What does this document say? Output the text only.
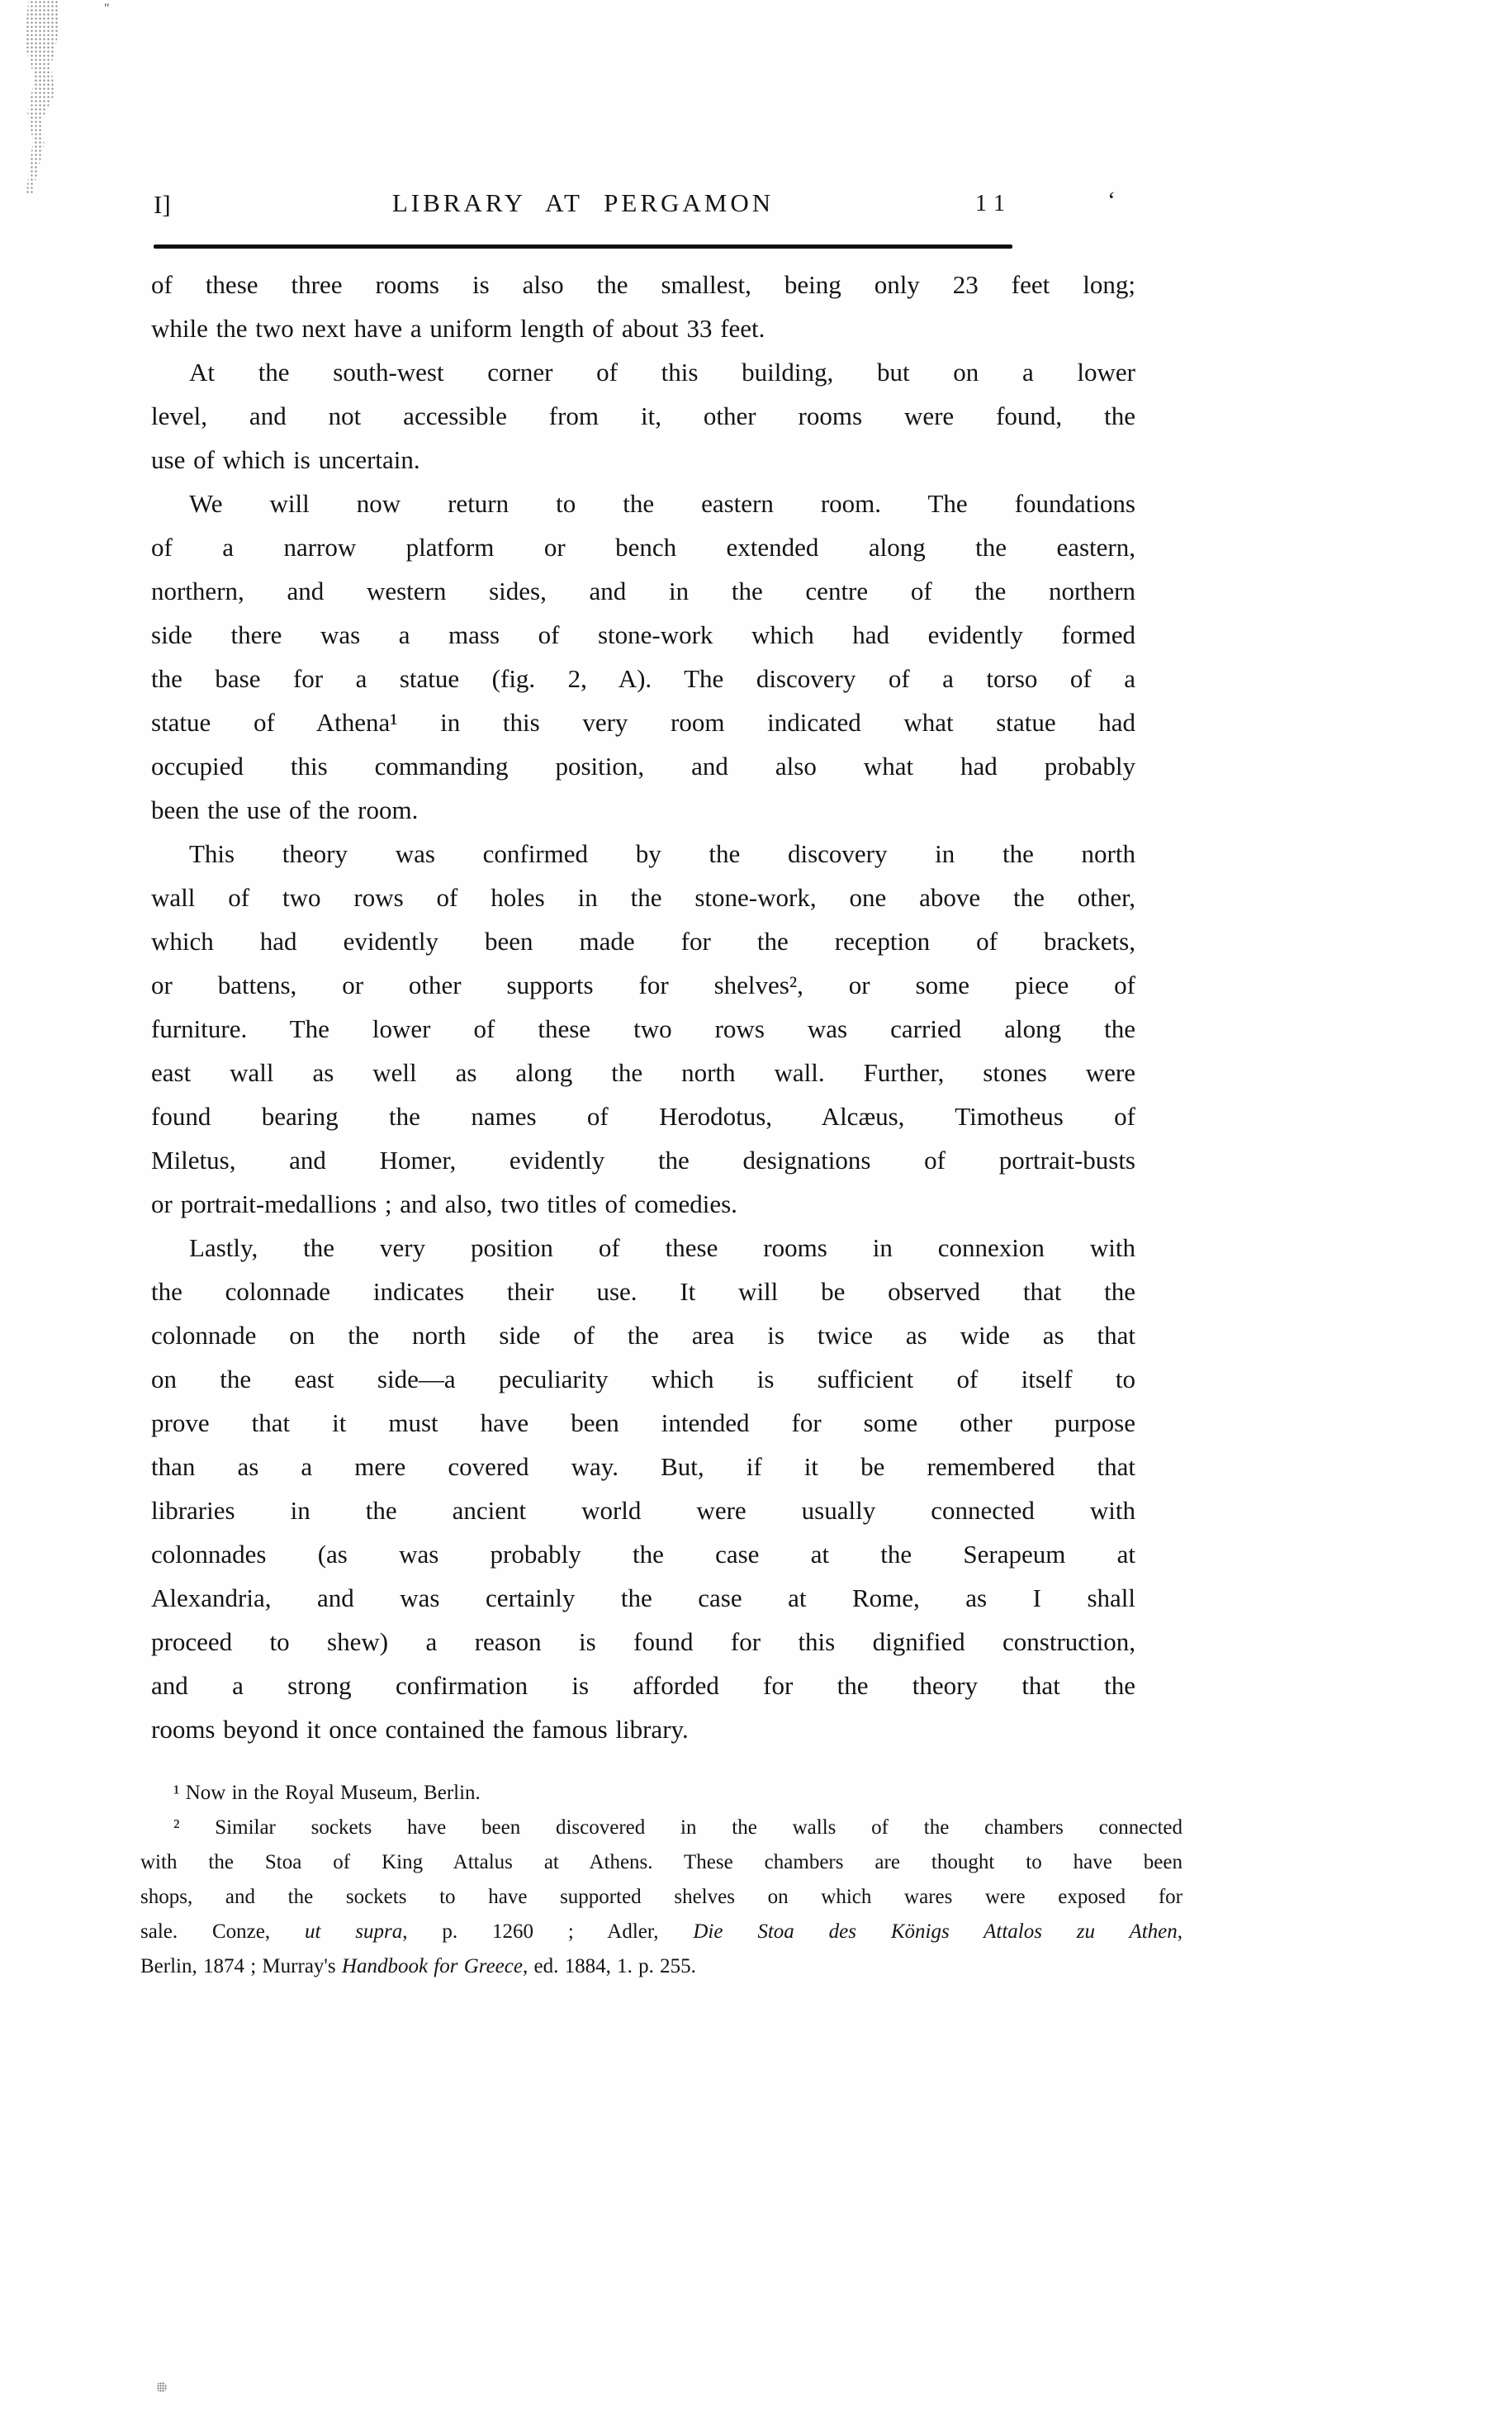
"
‘
I]	LIBRARY AT PERGAMON	11
of these three rooms is also the smallest, being only 23 feet long;
while the two next have a uniform length of about 33 feet.
At the south-west corner of this building, but on a lower
level, and not accessible from it, other rooms were found, the
use of which is uncertain.
We will now return to the eastern room. The foundations
of a narrow platform or bench extended along the eastern,
northern, and western sides, and in the centre of the northern
side there was a mass of stone-work which had evidently formed
the base for a statue (fig. 2, A). The discovery of a torso of a
statue of Athena¹ in this very room indicated what statue had
occupied this commanding position, and also what had probably
been the use of the room.
This theory was confirmed by the discovery in the north
wall of two rows of holes in the stone-work, one above the other,
which had evidently been made for the reception of brackets,
or battens, or other supports for shelves², or some piece of
furniture. The lower of these two rows was carried along the
east wall as well as along the north wall. Further, stones were
found bearing the names of Herodotus, Alcæus, Timotheus of
Miletus, and Homer, evidently the designations of portrait-busts
or portrait-medallions ; and also, two titles of comedies.
Lastly, the very position of these rooms in connexion with
the colonnade indicates their use. It will be observed that the
colonnade on the north side of the area is twice as wide as that
on the east side—a peculiarity which is sufficient of itself to
prove that it must have been intended for some other purpose
than as a mere covered way. But, if it be remembered that
libraries in the ancient world were usually connected with
colonnades (as was probably the case at the Serapeum at
Alexandria, and was certainly the case at Rome, as I shall
proceed to shew) a reason is found for this dignified construction,
and a strong confirmation is afforded for the theory that the
rooms beyond it once contained the famous library.
¹ Now in the Royal Museum, Berlin.
² Similar sockets have been discovered in the walls of the chambers connected
with the Stoa of King Attalus at Athens. These chambers are thought to have been
shops, and the sockets to have supported shelves on which wares were exposed for
sale. Conze, ut supra, p. 1260 ; Adler, Die Stoa des Königs Attalos zu Athen,
Berlin, 1874 ; Murray's Handbook for Greece, ed. 1884, 1. p. 255.
